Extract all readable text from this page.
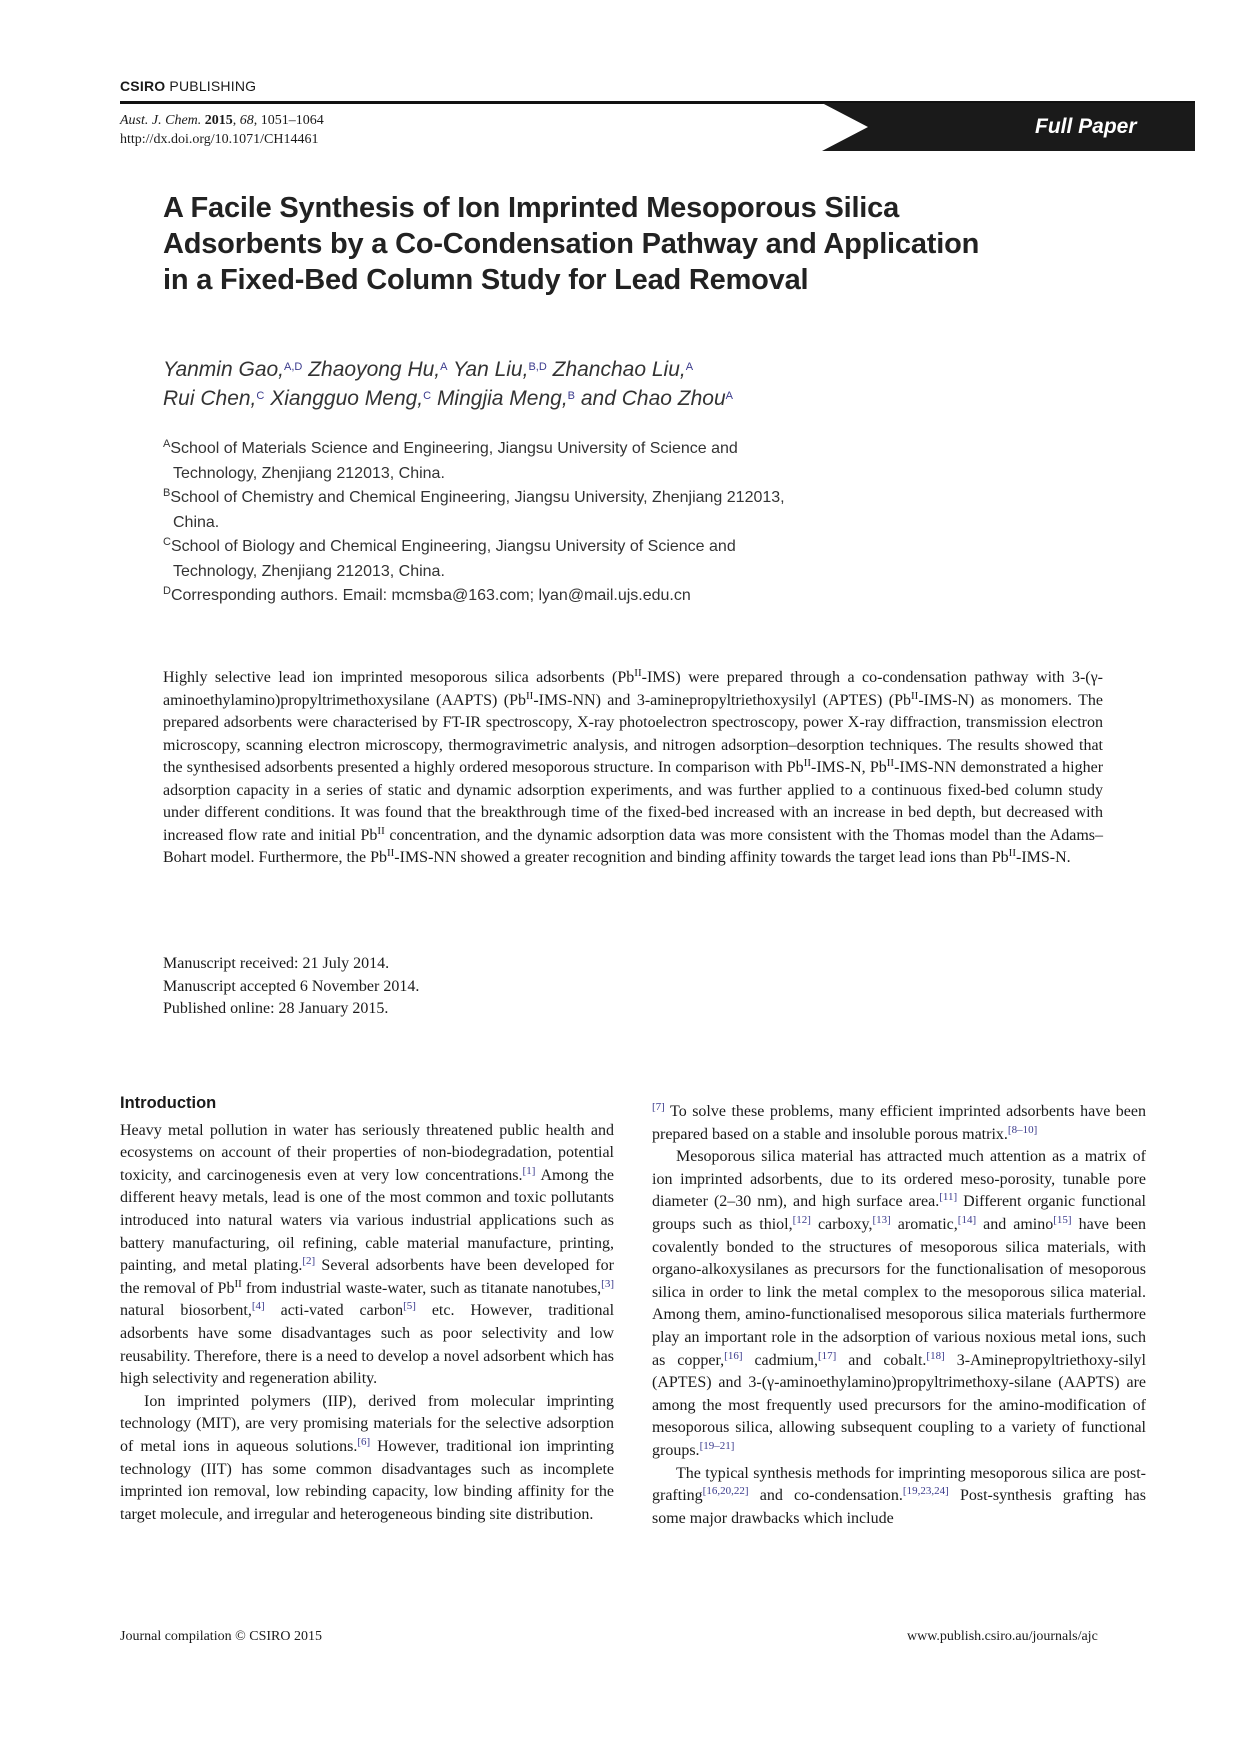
CSIRO PUBLISHING
Aust. J. Chem. 2015, 68, 1051–1064
http://dx.doi.org/10.1071/CH14461
Full Paper
A Facile Synthesis of Ion Imprinted Mesoporous Silica
Adsorbents by a Co-Condensation Pathway and Application
in a Fixed-Bed Column Study for Lead Removal
Yanmin Gao,$^{A,D}$ Zhaoyong Hu,$^A$ Yan Liu,$^{B,D}$ Zhanchao Liu,$^A$
Rui Chen,$^C$ Xiangguo Meng,$^C$ Mingjia Meng,$^B$ and Chao Zhou$^A$
$^A$School of Materials Science and Engineering, Jiangsu University of Science and
Technology, Zhenjiang 212013, China.
$^B$School of Chemistry and Chemical Engineering, Jiangsu University, Zhenjiang 212013,
China.
$^C$School of Biology and Chemical Engineering, Jiangsu University of Science and
Technology, Zhenjiang 212013, China.
$^D$Corresponding authors. Email: mcmsba@163.com; lyan@mail.ujs.edu.cn
Highly selective lead ion imprinted mesoporous silica adsorbents $(Pb^{II}-IMS)$ were prepared through a co-condensation pathway with 3-(γ-aminoethylamino)propyltrimethoxysilane (AAPTS) $(Pb^{II}-IMS-NN)$ and 3-aminepropyltriethoxysilyl (APTES) $(Pb^{II}-IMS-N)$ as monomers. The prepared adsorbents were characterised by FT-IR spectroscopy, X-ray photoelectron spectroscopy, power X-ray diffraction, transmission electron microscopy, scanning electron microscopy, thermogravimetric analysis, and nitrogen adsorption–desorption techniques. The results showed that the synthesised adsorbents presented a highly ordered mesoporous structure. In comparison with $Pb^{II}-IMS-N$, $Pb^{II}-IMS-NN$ demonstrated a higher adsorption capacity in a series of static and dynamic adsorption experiments, and was further applied to a continuous fixed-bed column study under different conditions. It was found that the breakthrough time of the fixed-bed increased with an increase in bed depth, but decreased with increased flow rate and initial $Pb^{II}$ concentration, and the dynamic adsorption data was more consistent with the Thomas model than the Adams–Bohart model. Furthermore, the $Pb^{II}-IMS-NN$ showed a greater recognition and binding affinity towards the target lead ions than $Pb^{II}-IMS-N$.
Manuscript received: 21 July 2014.
Manuscript accepted 6 November 2014.
Published online: 28 January 2015.
Introduction

Heavy metal pollution in water has seriously threatened public health and ecosystems on account of their properties of non-biodegradation, potential toxicity, and carcinogenesis even at very low concentrations.[1] Among the different heavy metals, lead is one of the most common and toxic pollutants introduced into natural waters via various industrial applications such as battery manufacturing, oil refining, cable material manufacture, printing, painting, and metal plating.[2] Several adsorbents have been developed for the removal of $Pb^{II}$ from industrial waste-water, such as titanate nanotubes,[3] natural biosorbent,[4] acti-vated carbon[5] etc. However, traditional adsorbents have some disadvantages such as poor selectivity and low reusability. Therefore, there is a need to develop a novel adsorbent which has high selectivity and regeneration ability.

Ion imprinted polymers (IIP), derived from molecular imprinting technology (MIT), are very promising materials for the selective adsorption of metal ions in aqueous solutions.[6] However, traditional ion imprinting technology (IIT) has some common disadvantages such as incomplete imprinted ion removal, low rebinding capacity, low binding affinity for the target molecule, and irregular and heterogeneous binding site distribution.

[7] To solve these problems, many efficient imprinted adsorbents have been prepared based on a stable and insoluble porous matrix.[8–10]

Mesoporous silica material has attracted much attention as a matrix of ion imprinted adsorbents, due to its ordered meso-porosity, tunable pore diameter (2–30 nm), and high surface area.[11] Different organic functional groups such as thiol,[12] carboxy,[13] aromatic,[14] and amino[15] have been covalently bonded to the structures of mesoporous silica materials, with organo-alkoxysilanes as precursors for the functionalisation of mesoporous silica in order to link the metal complex to the mesoporous silica material. Among them, amino-functionalised mesoporous silica materials furthermore play an important role in the adsorption of various noxious metal ions, such as copper,[16] cadmium,[17] and cobalt.[18] 3-Aminepropyltriethoxy-silyl (APTES) and 3-(γ-aminoethylamino)propyltrimethoxy-silane (AAPTS) are among the most frequently used precursors for the amino-modification of mesoporous silica, allowing subsequent coupling to a variety of functional groups.[19–21]

The typical synthesis methods for imprinting mesoporous silica are post-grafting[16,20,22] and co-condensation.[19,23,24] Post-synthesis grafting has some major drawbacks which include

Journal compilation © CSIRO 2015	www.publish.csiro.au/journals/ajc
